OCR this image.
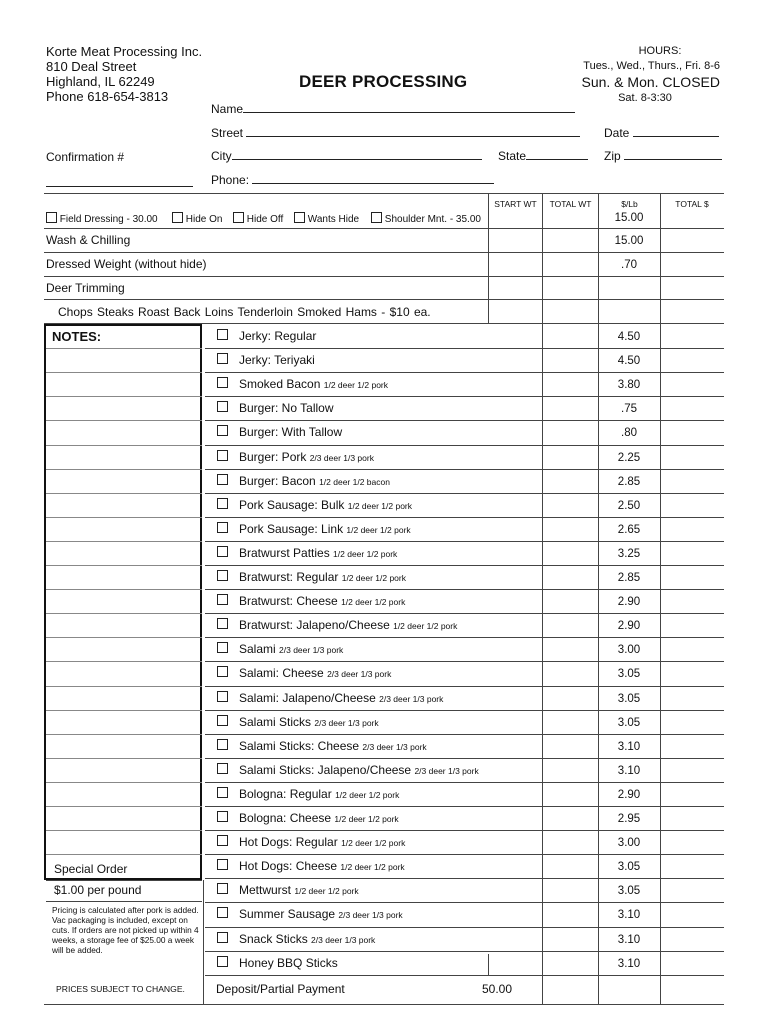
Korte Meat Processing Inc.
810 Deal Street
Highland, IL 62249
Phone 618-654-3813
DEER PROCESSING
HOURS:
Tues., Wed., Thurs., Fri. 8-6
Sun. & Mon. CLOSED
Sat. 8-3:30
Name
Street	Date
City	State	Zip
Phone:
Confirmation #
START WT	TOTAL WT	$/Lb	TOTAL $
Field Dressing - 30.00	Hide On	Hide Off	Wants Hide	Shoulder Mnt. - 35.00	15.00
Wash & Chilling	15.00
Dressed Weight (without hide)	.70
Deer Trimming
Chops Steaks Roast Back Loins Tenderloin Smoked Hams - $10 ea.
NOTES:	Jerky: Regular	4.50
Jerky: Teriyaki	4.50
Smoked Bacon 1/2 deer 1/2 pork	3.80
Burger: No Tallow	.75
Burger: With Tallow	.80
Burger: Pork 2/3 deer 1/3 pork	2.25
Burger: Bacon 1/2 deer 1/2 bacon	2.85
Pork Sausage: Bulk 1/2 deer 1/2 pork	2.50
Pork Sausage: Link 1/2 deer 1/2 pork	2.65
Bratwurst Patties 1/2 deer 1/2 pork	3.25
Bratwurst: Regular 1/2 deer 1/2 pork	2.85
Bratwurst: Cheese 1/2 deer 1/2 pork	2.90
Bratwurst: Jalapeno/Cheese 1/2 deer 1/2 pork	2.90
Salami 2/3 deer 1/3 pork	3.00
Salami: Cheese 2/3 deer 1/3 pork	3.05
Salami: Jalapeno/Cheese 2/3 deer 1/3 pork	3.05
Salami Sticks 2/3 deer 1/3 pork	3.05
Salami Sticks: Cheese 2/3 deer 1/3 pork	3.10
Salami Sticks: Jalapeno/Cheese 2/3 deer 1/3 pork	3.10
Bologna: Regular 1/2 deer 1/2 pork	2.90
Bologna: Cheese 1/2 deer 1/2 pork	2.95
Hot Dogs: Regular 1/2 deer 1/2 pork	3.00
Hot Dogs: Cheese 1/2 deer 1/2 pork	3.05
Mettwurst 1/2 deer 1/2 pork	3.05
Summer Sausage 2/3 deer 1/3 pork	3.10
Snack Sticks 2/3 deer 1/3 pork	3.10
Honey BBQ Sticks	3.10
Special Order
$1.00 per pound
Pricing is calculated after pork is added. Vac packaging is included, except on cuts. If orders are not picked up within 4 weeks, a storage fee of $25.00 a week will be added.
PRICES SUBJECT TO CHANGE.	Deposit/Partial Payment	50.00
